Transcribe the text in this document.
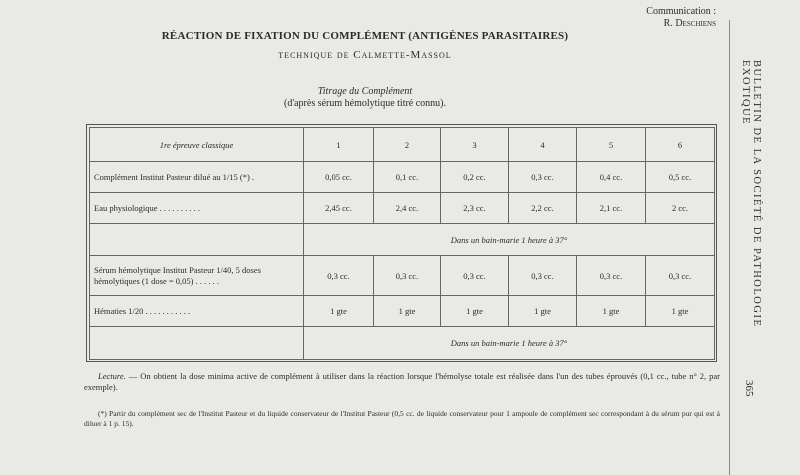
Communication :
R. Deschiens
RÉACTION DE FIXATION DU COMPLÉMENT (ANTIGÈNES PARASITAIRES)
technique de Calmette-Massol
Titrage du Complément
(d'après sérum hémolytique titré connu).	BULLETIN DE LA SOCIÉTÉ DE PATHOLOGIE EXOTIQUE
365
1re épreuve classique	1	2	3	4	5	6
Complément Institut Pasteur dilué au 1/15 (*) .	0,05 cc.	0,1 cc.	0,2 cc.	0,3 cc.	0,4 cc.	0,5 cc.
Eau physiologique . . . . . . . . . .	2,45 cc.	2,4 cc.	2,3 cc.	2,2 cc.	2,1 cc.	2 cc.
	Dans un bain-marie 1 heure à 37°					
Sérum hémolytique Institut Pasteur 1/40, 5 doses hémolytiques (1 dose = 0,05) . . . . . .	0,3 cc.	0,3 cc.	0,3 cc.	0,3 cc.	0,3 cc.	0,3 cc.
Hématies 1/20 . . . . . . . . . . .	1 gte	1 gte	1 gte	1 gte	1 gte	1 gte
	Dans un bain-marie 1 heure à 37°					
Lecture. — On obtient la dose minima active de complément à utiliser dans la réaction lorsque l'hémolyse totale est réalisée dans l'un des tubes éprouvés (0,1 cc., tube n° 2, par exemple).
(*) Partir du complément sec de l'Institut Pasteur et du liquide conservateur de l'Institut Pasteur (0,5 cc. de liquide conservateur pour 1 ampoule de complément sec correspondant à du sérum pur qui est à diluer à 1 p. 15).
